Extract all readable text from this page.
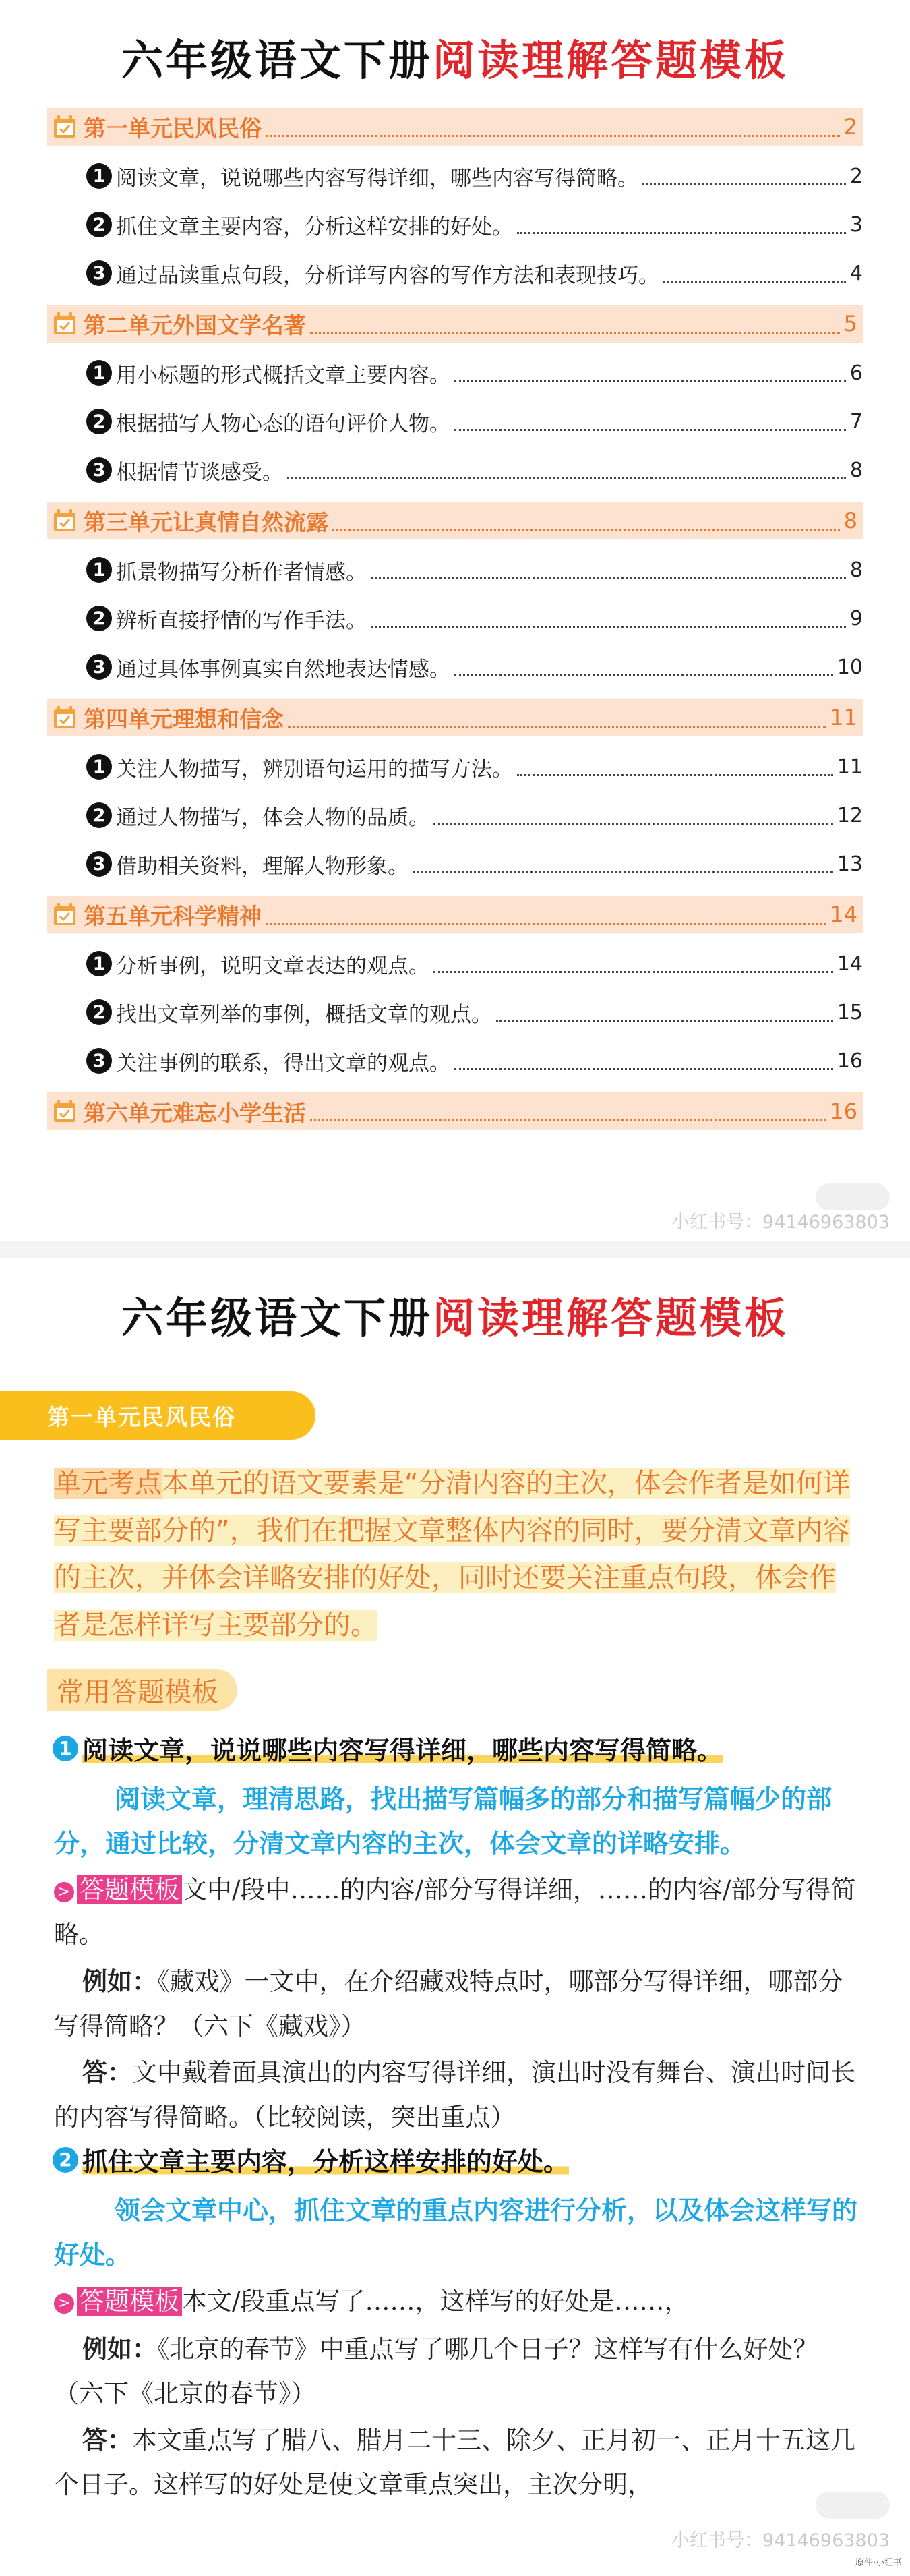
六年级语文下册阅读理解答题模板
第一单元民风民俗	2
1 阅读文章，说说哪些内容写得详细，哪些内容写得简略。	2
2 抓住文章主要内容，分析这样安排的好处。	3
3 通过品读重点句段，分析详写内容的写作方法和表现技巧。	4
第二单元外国文学名著	5
1 用小标题的形式概括文章主要内容。	6
2 根据描写人物心态的语句评价人物。	7
3 根据情节谈感受。	8
第三单元让真情自然流露	8
1 抓景物描写分析作者情感。	8
2 辨析直接抒情的写作手法。	9
3 通过具体事例真实自然地表达情感。	10
第四单元理想和信念	11
1 关注人物描写，辨别语句运用的描写方法。	11
2 通过人物描写，体会人物的品质。	12
3 借助相关资料，理解人物形象。	13
第五单元科学精神	14
1 分析事例，说明文章表达的观点。	14
2 找出文章列举的事例，概括文章的观点。	15
3 关注事例的联系，得出文章的观点。	16
第六单元难忘小学生活	16
小红书号：94146963803
六年级语文下册阅读理解答题模板
第一单元民风民俗
单元考点本单元的语文要素是“分清内容的主次，体会作者是如何详写主要部分的”，我们在把握文章整体内容的同时，要分清文章内容的主次，并体会详略安排的好处，同时还要关注重点句段，体会作者是怎样详写主要部分的。
常用答题模板
1 阅读文章，说说哪些内容写得详细，哪些内容写得简略。
阅读文章，理清思路，找出描写篇幅多的部分和描写篇幅少的部分，通过比较，分清文章内容的主次，体会文章的详略安排。
> 答题模板 文中/段中……的内容/部分写得详细，……的内容/部分写得简略。
例如：《藏戏》一文中，在介绍藏戏特点时，哪部分写得详细，哪部分写得简略？（六下《藏戏》）
答：文中戴着面具演出的内容写得详细，演出时没有舞台、演出时间长的内容写得简略。（比较阅读，突出重点）
2 抓住文章主要内容，分析这样安排的好处。
领会文章中心，抓住文章的重点内容进行分析，以及体会这样写的好处。
> 答题模板 本文/段重点写了……，这样写的好处是……，
例如：《北京的春节》中重点写了哪几个日子？这样写有什么好处？（六下《北京的春节》）
答：本文重点写了腊八、腊月二十三、除夕、正月初一、正月十五这几个日子。这样写的好处是使文章重点突出，主次分明，
小红书号：94146963803
原件·小红书
